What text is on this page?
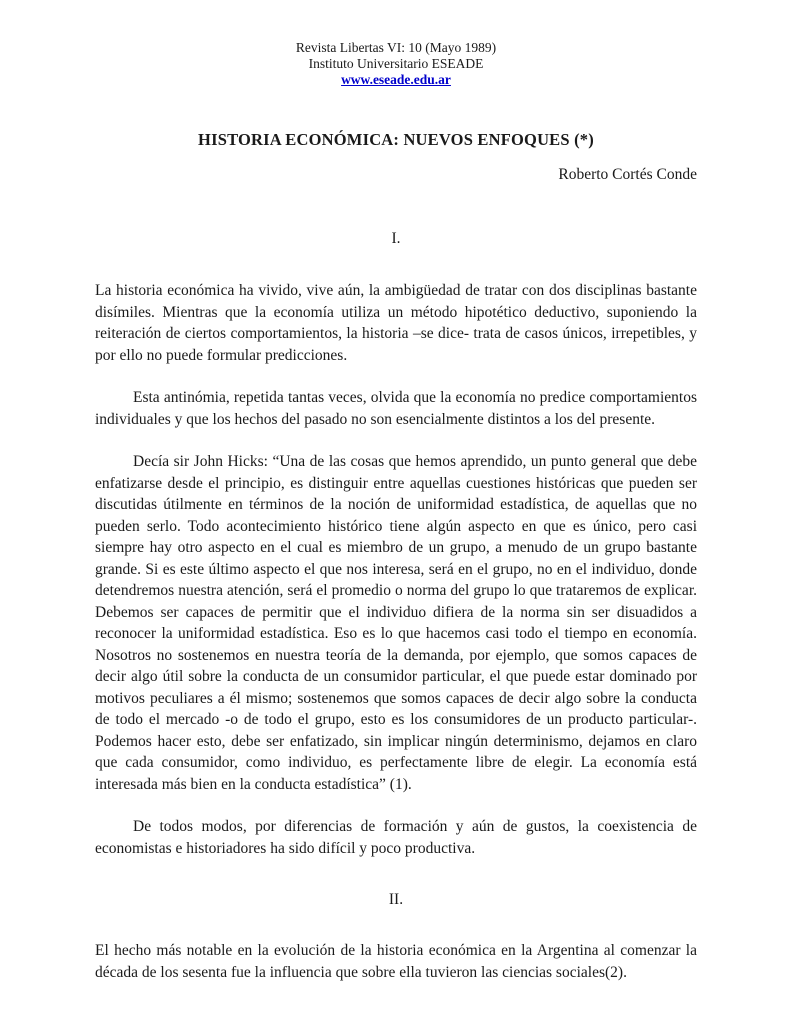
Revista Libertas VI: 10 (Mayo 1989)
Instituto Universitario ESEADE
www.eseade.edu.ar
HISTORIA ECONÓMICA: NUEVOS ENFOQUES (*)
Roberto Cortés Conde
I.

La historia económica ha vivido, vive aún, la ambigüedad de tratar con dos disciplinas bastante disímiles. Mientras que la economía utiliza un método hipotético deductivo, suponiendo la reiteración de ciertos comportamientos, la historia –se dice- trata de casos únicos, irrepetibles, y por ello no puede formular predicciones.

Esta antinómia, repetida tantas veces, olvida que la economía no predice comportamientos individuales y que los hechos del pasado no son esencialmente distintos a los del presente.

Decía sir John Hicks: “Una de las cosas que hemos aprendido, un punto general que debe enfatizarse desde el principio, es distinguir entre aquellas cuestiones históricas que pueden ser discutidas útilmente en términos de la noción de uniformidad estadística, de aquellas que no pueden serlo. Todo acontecimiento histórico tiene algún aspecto en que es único, pero casi siempre hay otro aspecto en el cual es miembro de un grupo, a menudo de un grupo bastante grande. Si es este último aspecto el que nos interesa, será en el grupo, no en el individuo, donde detendremos nuestra atención, será el promedio o norma del grupo lo que trataremos de explicar. Debemos ser capaces de permitir que el individuo difiera de la norma sin ser disuadidos a reconocer la uniformidad estadística. Eso es lo que hacemos casi todo el tiempo en economía. Nosotros no sostenemos en nuestra teoría de la demanda, por ejemplo, que somos capaces de decir algo útil sobre la conducta de un consumidor particular, el que puede estar dominado por motivos peculiares a él mismo; sostenemos que somos capaces de decir algo sobre la conducta de todo el mercado -o de todo el grupo, esto es los consumidores de un producto particular-. Podemos hacer esto, debe ser enfatizado, sin implicar ningún determinismo, dejamos en claro que cada consumidor, como individuo, es perfectamente libre de elegir. La economía está interesada más bien en la conducta estadística” (1).

De todos modos, por diferencias de formación y aún de gustos, la coexistencia de economistas e historiadores ha sido difícil y poco productiva.

II.

El hecho más notable en la evolución de la historia económica en la Argentina al comenzar la década de los sesenta fue la influencia que sobre ella tuvieron las ciencias sociales(2).
